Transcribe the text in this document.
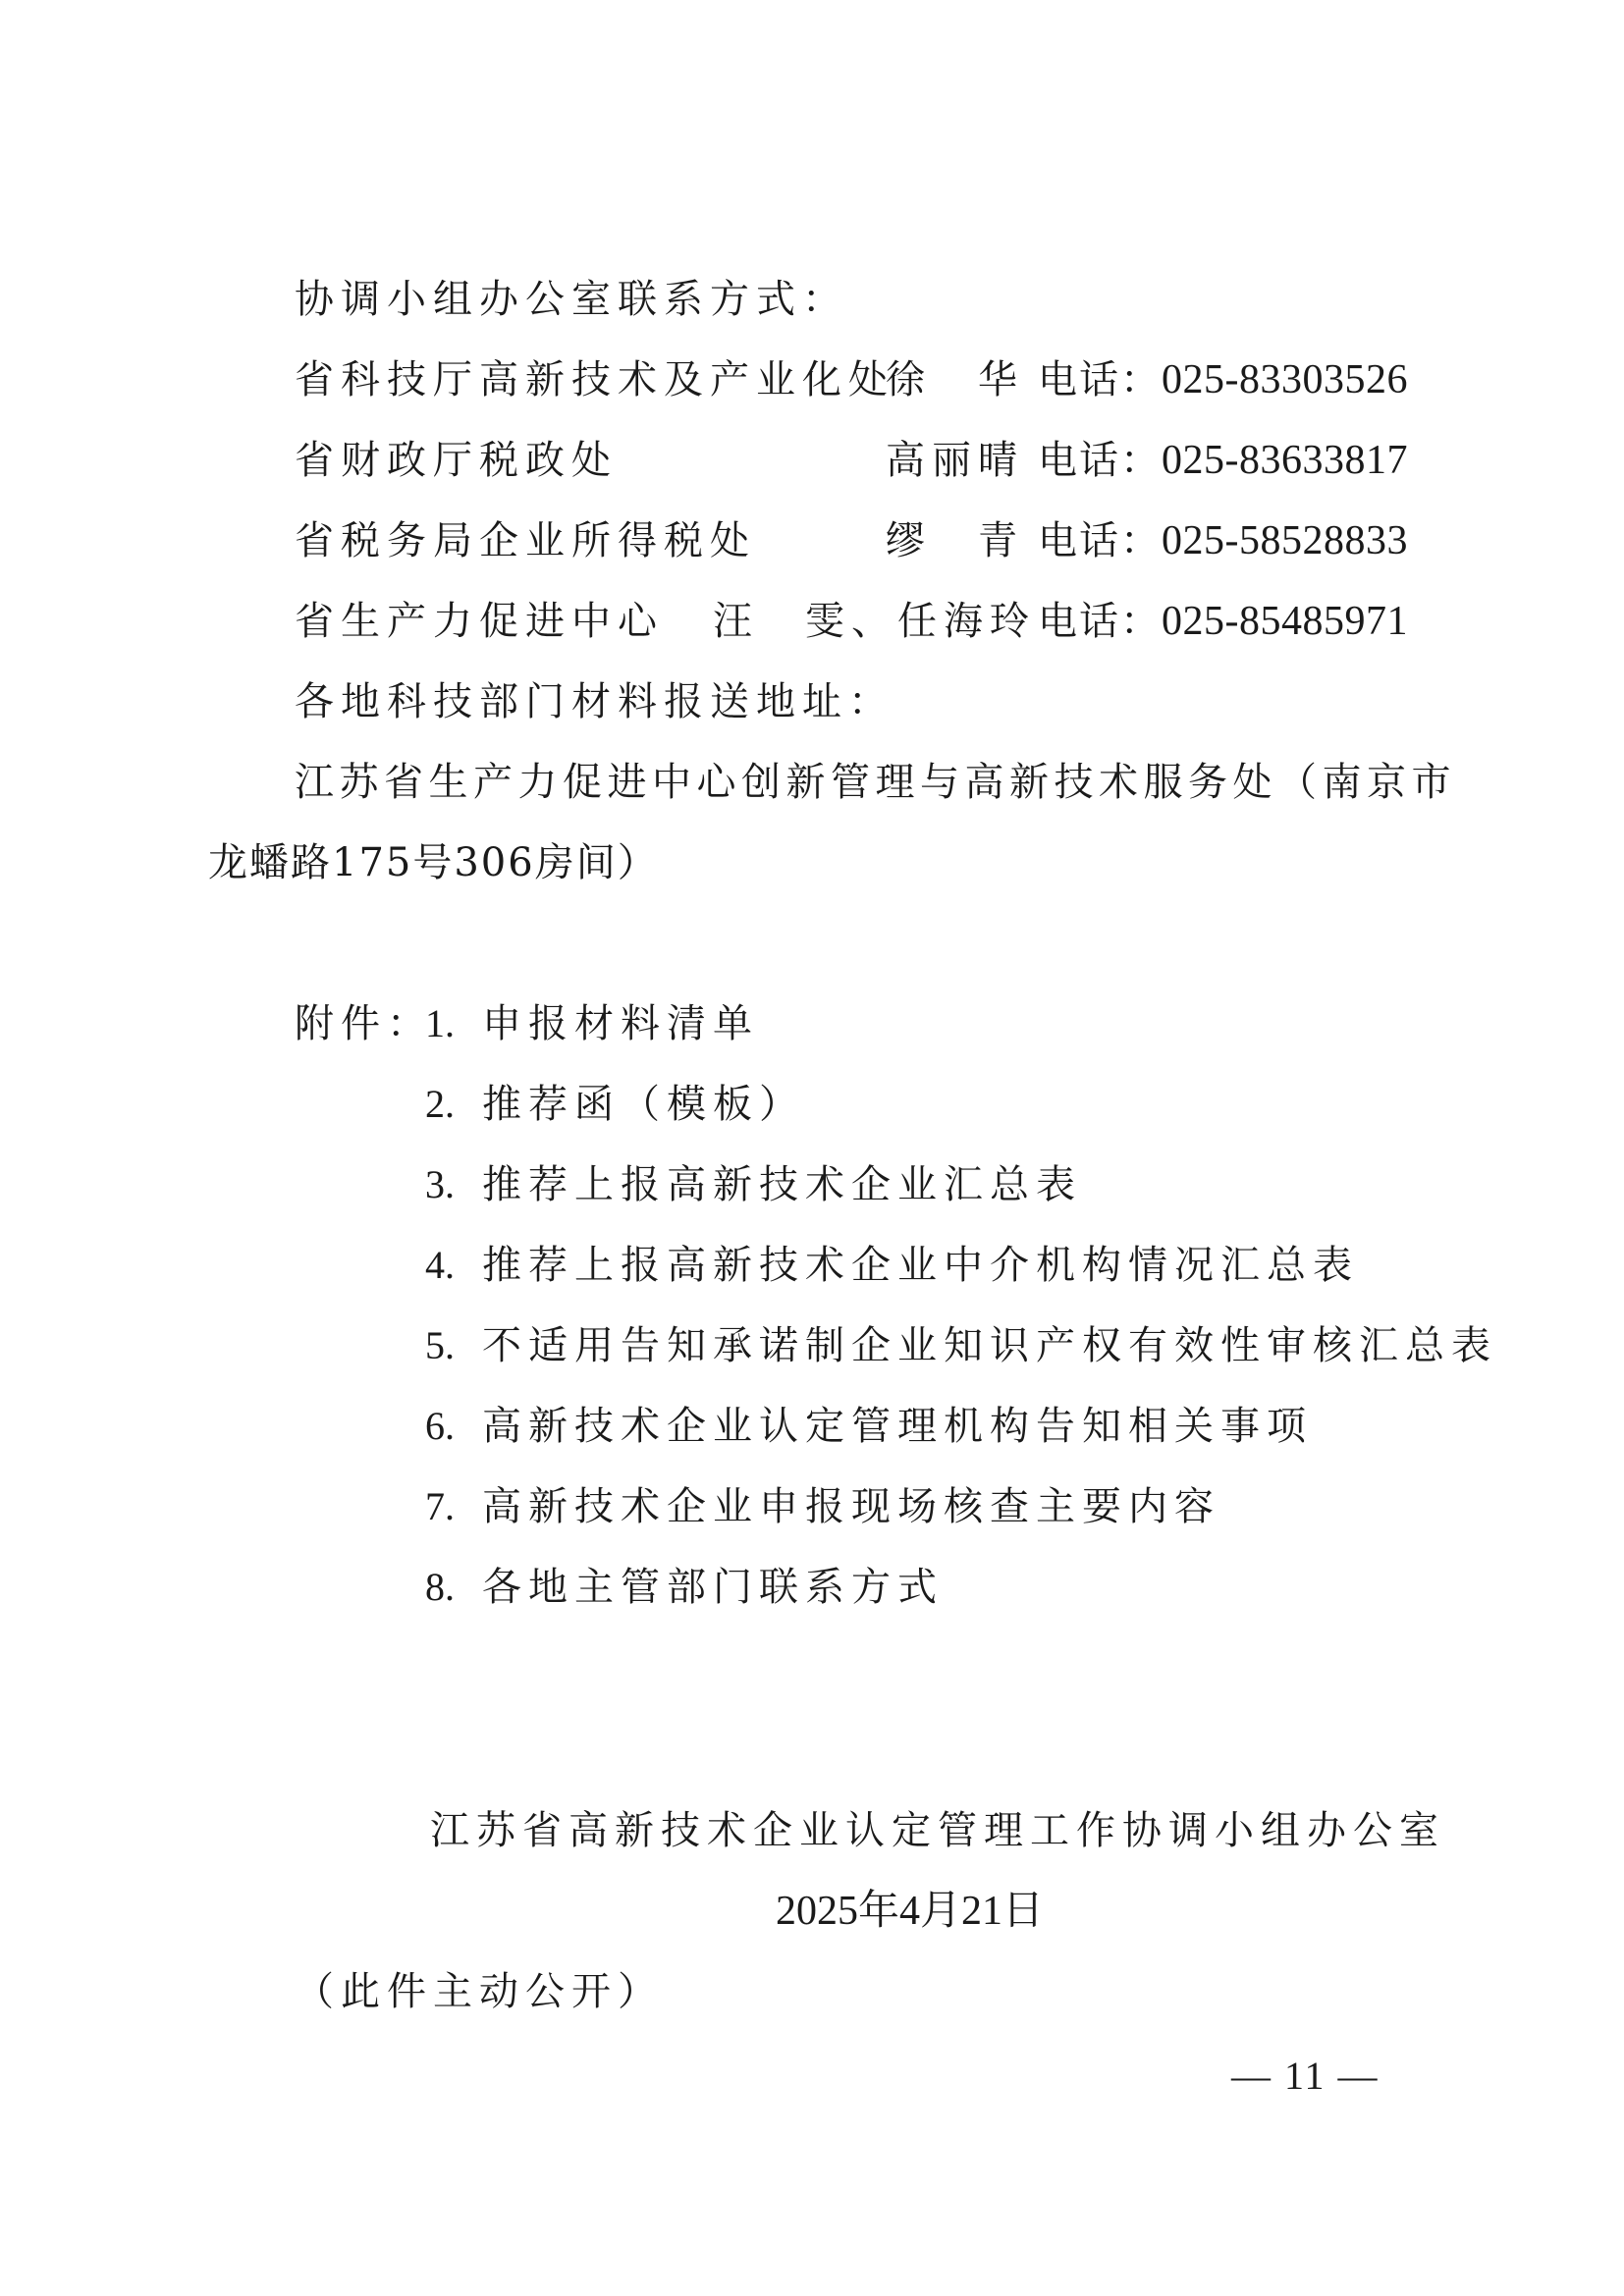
协调小组办公室联系方式：
省科技厅高新技术及产业化处
徐　华 电话：025-83303526
省财政厅税政处	高丽晴 电话：025-83633817
省税务局企业所得税处	缪　青 电话：025-58528833
省生产力促进中心 汪　雯、任海玲 电话：025-85485971
各地科技部门材料报送地址：
江苏省生产力促进中心创新管理与高新技术服务处（南京市
龙蟠路175号306房间）
附件：
1. 申报材料清单
2. 推荐函（模板）
3. 推荐上报高新技术企业汇总表
4. 推荐上报高新技术企业中介机构情况汇总表
5. 不适用告知承诺制企业知识产权有效性审核汇总表
6. 高新技术企业认定管理机构告知相关事项
7. 高新技术企业申报现场核查主要内容
8. 各地主管部门联系方式
江苏省高新技术企业认定管理工作协调小组办公室
2025年4月21日
（此件主动公开）
— 11 —
